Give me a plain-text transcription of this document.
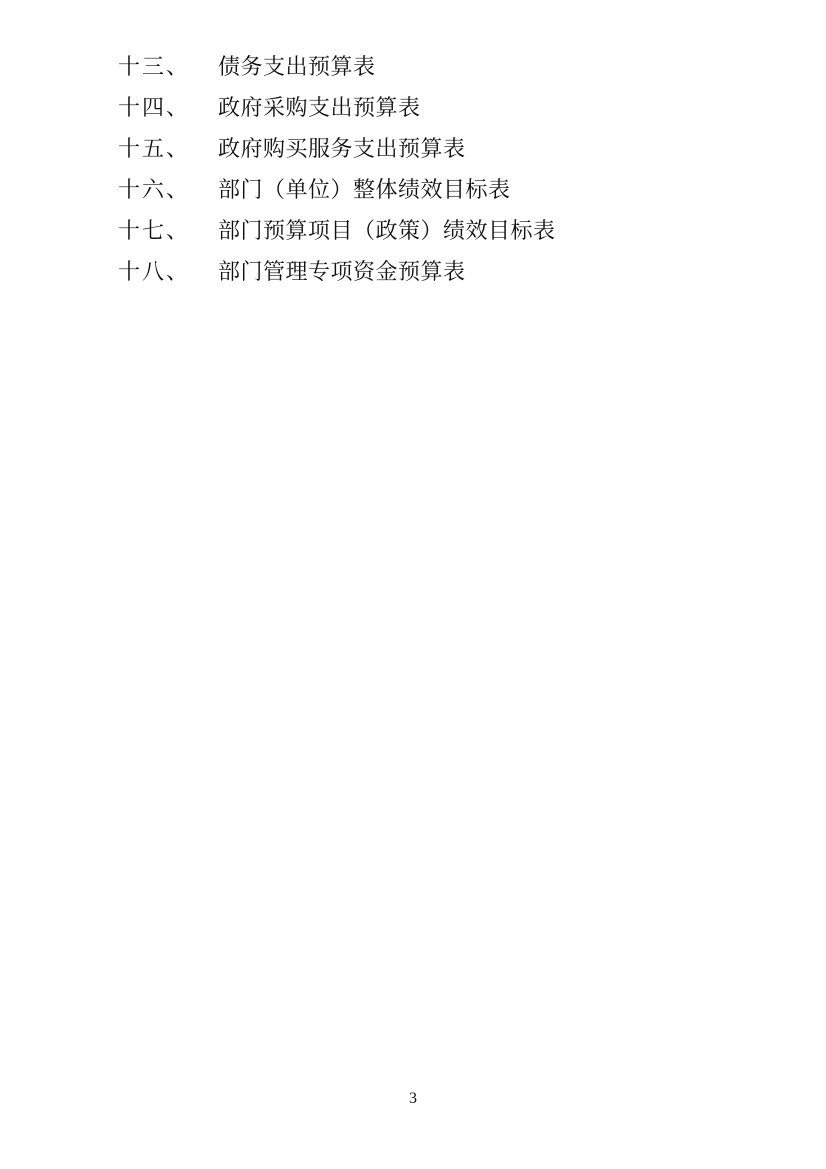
十三、 债务支出预算表
十四、 政府采购支出预算表
十五、 政府购买服务支出预算表
十六、 部门（单位）整体绩效目标表
十七、 部门预算项目（政策）绩效目标表
十八、 部门管理专项资金预算表
3
